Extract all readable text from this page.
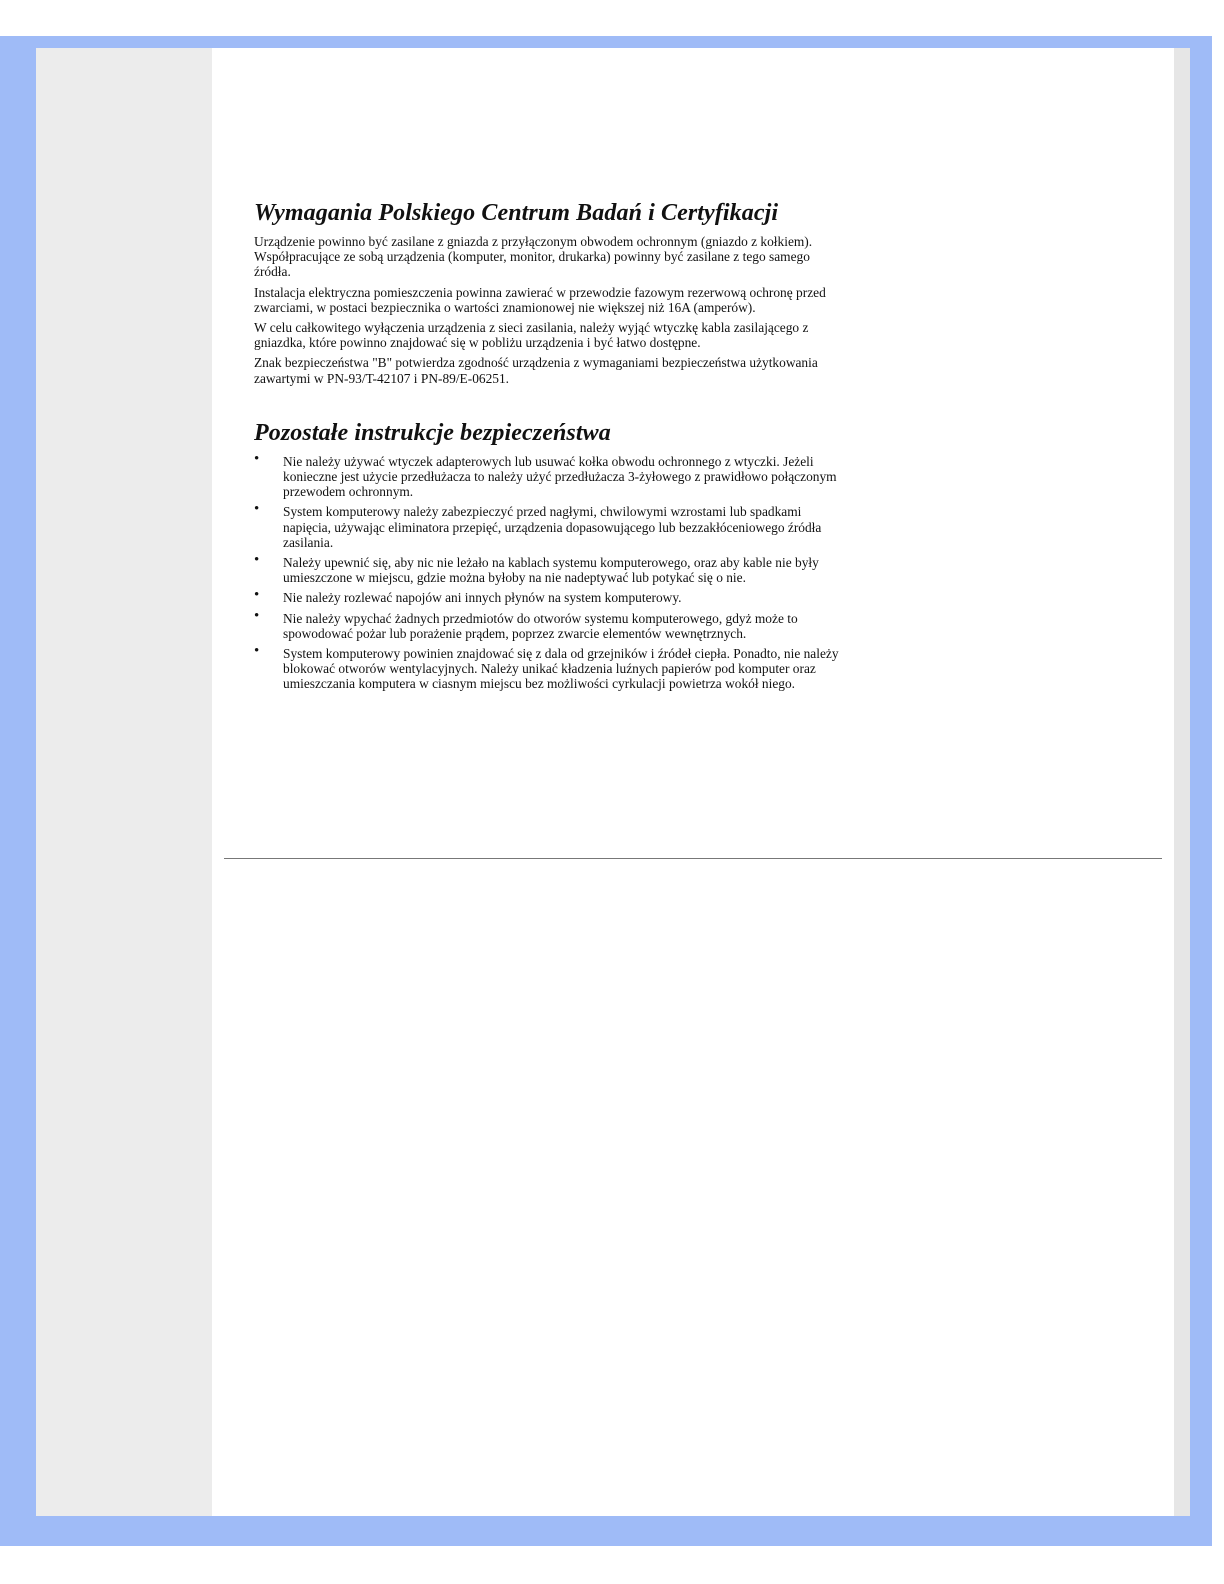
Wymagania Polskiego Centrum Badań i Certyfikacji

Urządzenie powinno być zasilane z gniazda z przyłączonym obwodem ochronnym (gniazdo z kołkiem). Współpracujące ze sobą urządzenia (komputer, monitor, drukarka) powinny być zasilane z tego samego źródła.

Instalacja elektryczna pomieszczenia powinna zawierać w przewodzie fazowym rezerwową ochronę przed zwarciami, w postaci bezpiecznika o wartości znamionowej nie większej niż 16A (amperów).

W celu całkowitego wyłączenia urządzenia z sieci zasilania, należy wyjąć wtyczkę kabla zasilającego z gniazdka, które powinno znajdować się w pobliżu urządzenia i być łatwo dostępne.

Znak bezpieczeństwa "B" potwierdza zgodność urządzenia z wymaganiami bezpieczeństwa użytkowania zawartymi w PN-93/T-42107 i PN-89/E-06251.

Pozostałe instrukcje bezpieczeństwa
• Nie należy używać wtyczek adapterowych lub usuwać kołka obwodu ochronnego z wtyczki. Jeżeli konieczne jest użycie przedłużacza to należy użyć przedłużacza 3-żyłowego z prawidłowo połączonym przewodem ochronnym.
• System komputerowy należy zabezpieczyć przed nagłymi, chwilowymi wzrostami lub spadkami napięcia, używając eliminatora przepięć, urządzenia dopasowującego lub bezzakłóceniowego źródła zasilania.
• Należy upewnić się, aby nic nie leżało na kablach systemu komputerowego, oraz aby kable nie były umieszczone w miejscu, gdzie można byłoby na nie nadeptywać lub potykać się o nie.
• Nie należy rozlewać napojów ani innych płynów na system komputerowy.
• Nie należy wpychać żadnych przedmiotów do otworów systemu komputerowego, gdyż może to spowodować pożar lub porażenie prądem, poprzez zwarcie elementów wewnętrznych.
• System komputerowy powinien znajdować się z dala od grzejników i źródeł ciepła. Ponadto, nie należy blokować otworów wentylacyjnych. Należy unikać kładzenia luźnych papierów pod komputer oraz umieszczania komputera w ciasnym miejscu bez możliwości cyrkulacji powietrza wokół niego.
